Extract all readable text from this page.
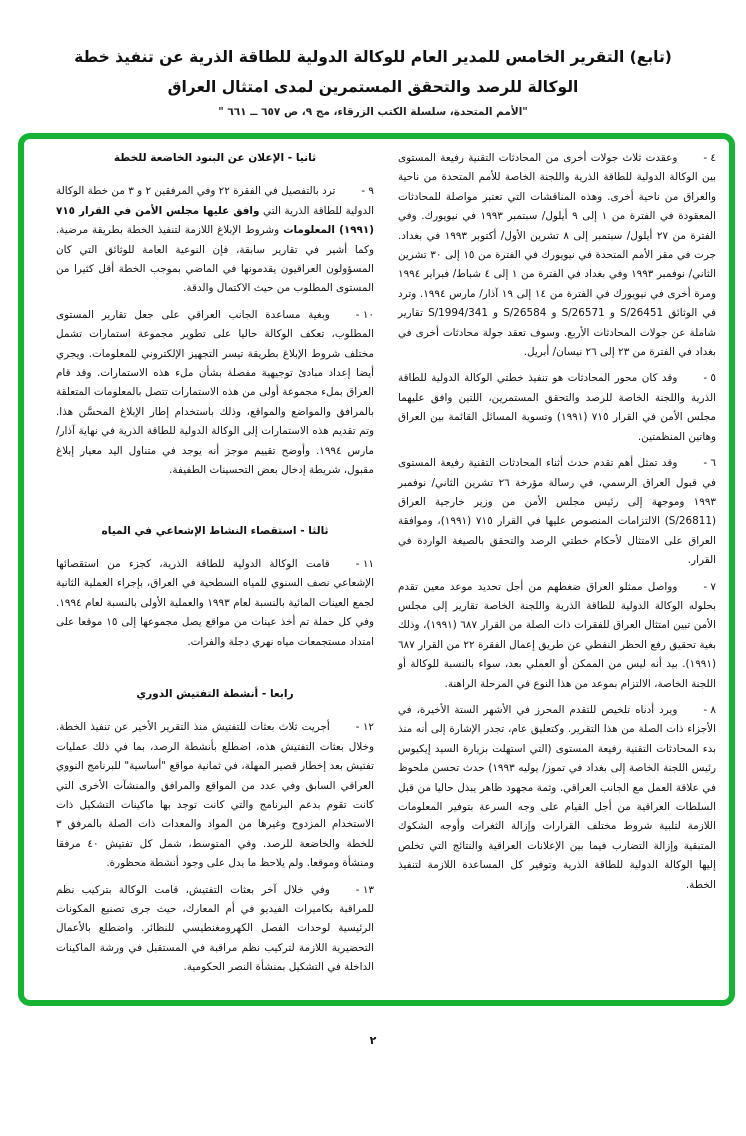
(تابع) التقرير الخامس للمدير العام للوكالة الدولية للطاقة الذرية عن تنفيذ خطة
الوكالة للرصد والتحقق المستمرين لمدى امتثال العراق
"الأمم المتحدة، سلسلة الكتب الزرقاء، مج ٩، ص ٦٥٧ ــ ٦٦١ "

٤ -وعقدت ثلاث جولات أخرى من المحادثات التقنية رفيعة المستوى بين الوكالة الدولية للطاقة الذرية واللجنة الخاصة للأمم المتحدة من ناحية والعراق من ناحية أخرى. وهذه المناقشات التي تعتبر مواصلة للمحادثات المعقودة في الفترة من ١ إلى ٩ أيلول/ سبتمبر ١٩٩٣ في نيويورك. وفي الفترة من ٢٧ أيلول/ سبتمبر إلى ٨ تشرين الأول/ أكتوبر ١٩٩٣ في بغداد. جرت في مقر الأمم المتحدة في نيويورك في الفترة من ١٥ إلى ٣٠ تشرين الثاني/ نوفمبر ١٩٩٣ وفي بغداد في الفترة من ١ إلى ٤ شباط/ فبراير ١٩٩٤ ومرة أخرى في نيويورك في الفترة من ١٤ إلى ١٩ آذار/ مارس ١٩٩٤. وترد في الوثائق S/26451 و S/26571 و S/26584 و S/1994/341 تقارير شاملة عن جولات المحادثات الأربع. وسوف تعقد جولة محادثات أخرى في بغداد في الفترة من ٢٣ إلى ٢٦ نيسان/ أبريل.

٥ -وقد كان محور المحادثات هو تنفيذ خطتي الوكالة الدولية للطاقة الذرية واللجنة الخاصة للرصد والتحقق المستمرين، اللتين وافق عليهما مجلس الأمن في القرار ٧١٥ (١٩٩١) وتسوية المسائل القائمة بين العراق وهاتين المنظمتين.

٦ -وقد تمثل أهم تقدم حدث أثناء المحادثات التقنية رفيعة المستوى في قبول العراق الرسمي، في رسالة مؤرخة ٢٦ تشرين الثاني/ نوفمبر ١٩٩٣ وموجهة إلى رئيس مجلس الأمن من وزير خارجية العراق (S/26811) الالتزامات المنصوص عليها في القرار ٧١٥ (١٩٩١)، وموافقة العراق على الامتثال لأحكام خطتي الرصد والتحقق بالصيغة الواردة في القرار.

٧ -وواصل ممثلو العراق ضغطهم من أجل تحديد موعد معين تقدم بحلوله الوكالة الدولية للطاقة الذرية واللجنة الخاصة تقارير إلى مجلس الأمن تبين امتثال العراق للفقرات ذات الصلة من القرار ٦٨٧ (١٩٩١)، وذلك بغية تحقيق رفع الحظر النفطي عن طريق إعمال الفقرة ٢٢ من القرار ٦٨٧ (١٩٩١). بيد أنه ليس من الممكن أو العملي بعد، سواء بالنسبة للوكالة أو اللجنة الخاصة، الالتزام بموعد من هذا النوع في المرحلة الراهنة.

٨ -ويرد أدناه تلخيص للتقدم المحرز في الأشهر الستة الأخيرة، في الأجزاء ذات الصلة من هذا التقرير. وكتعليق عام، تجدر الإشارة إلى أنه منذ بدء المحادثات التقنية رفيعة المستوى (التي استهلت بزيارة السيد إيكيوس رئيس اللجنة الخاصة إلى بغداد في تموز/ يوليه ١٩٩٣) حدث تحسن ملحوظ في علاقة العمل مع الجانب العراقي. وثمة مجهود ظاهر يبذل حاليا من قبل السلطات العراقية من أجل القيام على وجه السرعة بتوفير المعلومات اللازمة لتلبية شروط مختلف القرارات وإزالة الثغرات وأوجه الشكوك المتبقية وإزالة التضارب فيما بين الإعلانات العراقية والنتائج التي تخلص إليها الوكالة الدولية للطاقة الذرية وتوفير كل المساعدة اللازمة لتنفيذ الخطة.

ثانيا - الإعلان عن البنود الخاضعة للخطة

٩ -ترد بالتفصيل في الفقرة ٢٢ وفي المرفقين ٢ و ٣ من خطة الوكالة الدولية للطاقة الذرية التي وافق عليها مجلس الأمن في القرار ٧١٥ (١٩٩١) المعلومات وشروط الإبلاغ اللازمة لتنفيذ الخطة بطريقة مرضية. وكما أشير في تقارير سابقة، فإن النوعية العامة للوثائق التي كان المسؤولون العراقيون يقدمونها في الماضي بموجب الخطة أقل كثيرا من المستوى المطلوب من حيث الاكتمال والدقة.

١٠ -وبغية مساعدة الجانب العراقي على جعل تقارير المستوى المطلوب، تعكف الوكالة حاليا على تطوير مجموعة استمارات تشمل مختلف شروط الإبلاغ بطريقة تيسر التجهيز الإلكتروني للمعلومات. ويجري أيضا إعداد مبادئ توجيهية مفصلة بشأن ملء هذه الاستمارات. وقد قام العراق بملء مجموعة أولى من هذه الاستمارات تتصل بالمعلومات المتعلقة بالمرافق والمواضع والمواقع، وذلك باستخدام إطار الإبلاغ المحسَّن هذا. وتم تقديم هذه الاستمارات إلى الوكالة الدولية للطاقة الذرية في نهاية آذار/ مارس ١٩٩٤. وأوضح تقييم موجز أنه يوجد في متناول اليد معيار إبلاغ مقبول، شريطة إدخال بعض التحسينات الطفيفة.

ثالثا - استقصاء النشاط الإشعاعي في المياه

١١ -قامت الوكالة الدولية للطاقة الذرية، كجزء من استقصائها الإشعاعي نصف السنوي للمياه السطحية في العراق، بإجراء العملية الثانية لجمع العينات المائية بالنسبة لعام ١٩٩٣ والعملية الأولى بالنسبة لعام ١٩٩٤. وفي كل حملة تم أخذ عينات من مواقع يصل مجموعها إلى ١٥ موقعا على امتداد مستجمعات مياه نهري دجلة والفرات.

رابعا - أنشطة التفتيش الدوري

١٢ -أجريت ثلاث بعثات للتفتيش منذ التقرير الأخير عن تنفيذ الخطة. وخلال بعثات التفتيش هذه، اضطلع بأنشطة الرصد، بما في ذلك عمليات تفتيش بعد إخطار قصير المهلة، في ثمانية مواقع "أساسية" للبرنامج النووي العراقي السابق وفي عدد من المواقع والمرافق والمنشآت الأخرى التي كانت تقوم بدعم البرنامج والتي كانت توجد بها ماكينات التشكيل ذات الاستخدام المزدوج وغيرها من المواد والمعدات ذات الصلة بالمرفق ٣ للخطة والخاضعة للرصد. وفي المتوسط، شمل كل تفتيش ٤٠ مرفقا ومنشأة وموقعا. ولم يلاحظ ما يدل على وجود أنشطة محظورة.

١٣ -وفي خلال آخر بعثات التفتيش، قامت الوكالة بتركيب نظم للمراقبة بكاميرات الفيديو في أم المعارك، حيث جرى تصنيع المكونات الرئيسية لوحدات الفصل الكهرومغنطيسي للنظائر. واضطلع بالأعمال التحضيرية اللازمة لتركيب نظم مراقبة في المستقبل في ورشة الماكينات الداخلة في التشكيل بمنشأة النصر الحكومية.

٢
